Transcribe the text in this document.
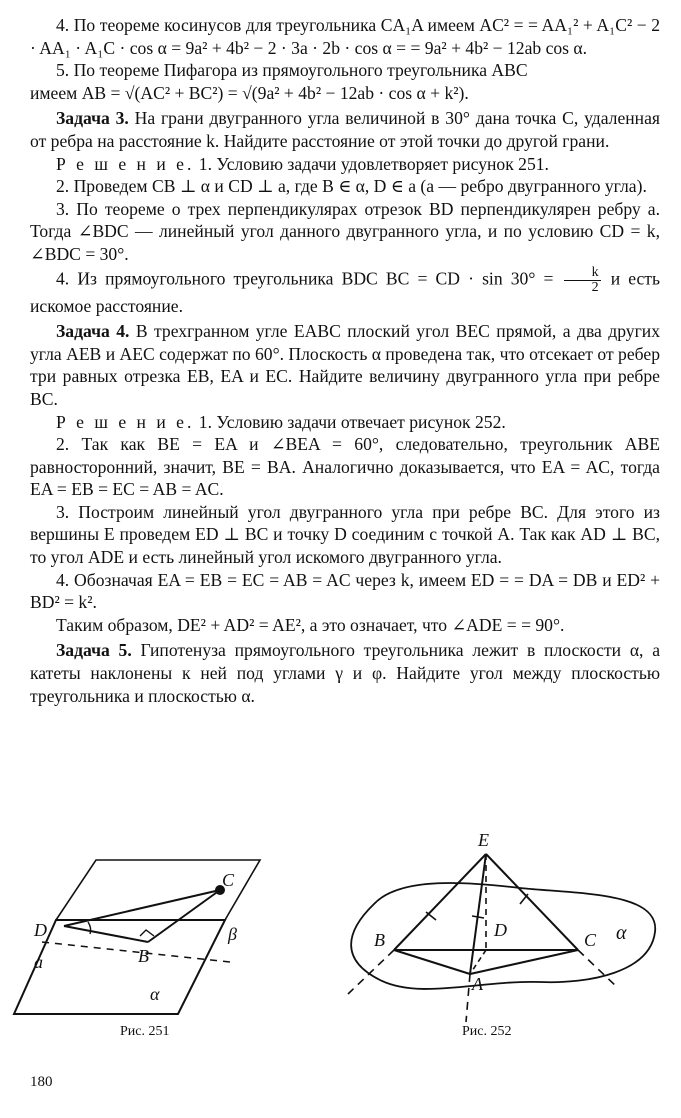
4. По теореме косинусов для треугольника CA₁A имеем AC² = = AA₁² + A₁C² − 2 · AA₁ · A₁C · cos α = 9a² + 4b² − 2 · 3a · 2b · cos α = = 9a² + 4b² − 12ab cos α.

5. По теореме Пифагора из прямоугольного треугольника ABC

имеем AB = √(AC² + BC²) = √(9a² + 4b² − 12ab · cos α + k²).

Задача 3. На грани двугранного угла величиной в 30° дана точка C, удаленная от ребра на расстояние k. Найдите расстояние от этой точки до другой грани.

Р е ш е н и е. 1. Условию задачи удовлетворяет рисунок 251.

2. Проведем CB ⊥ α и CD ⊥ a, где B ∈ α, D ∈ a (a — ребро двугранного угла).

3. По теореме о трех перпендикулярах отрезок BD перпендикулярен ребру a. Тогда ∠BDC — линейный угол данного двугранного угла, и по условию CD = k, ∠BDC = 30°.

4. Из прямоугольного треугольника BDC BC = CD · $\sin 30^\circ = \frac{k}{2}$ и есть искомое расстояние.

Задача 4. В трехгранном угле EABC плоский угол BEC прямой, а два других угла AEB и AEC содержат по 60°. Плоскость α проведена так, что отсекает от ребер три равных отрезка EB, EA и EC. Найдите величину двугранного угла при ребре BC.

Р е ш е н и е. 1. Условию задачи отвечает рисунок 252.

2. Так как BE = EA и ∠BEA = 60°, следовательно, треугольник ABE равносторонний, значит, BE = BA. Аналогично доказывается, что EA = AC, тогда EA = EB = EC = AB = AC.

3. Построим линейный угол двугранного угла при ребре BC. Для этого из вершины E проведем ED ⊥ BC и точку D соединим с точкой A. Так как AD ⊥ BC, то угол ADE и есть линейный угол искомого двугранного угла.

4. Обозначая EA = EB = EC = AB = AC через k, имеем ED = = DA = DB и ED² + BD² = k².

Таким образом, DE² + AD² = AE², а это означает, что ∠ADE = = 90°.

Задача 5. Гипотенуза прямоугольного треугольника лежит в плоскости α, а катеты наклонены к ней под углами γ и φ. Найдите угол между плоскостью треугольника и плоскостью α.

C
D
B
a
β
α
E
B	D	C
A
α
Рис. 251	Рис. 252
180
